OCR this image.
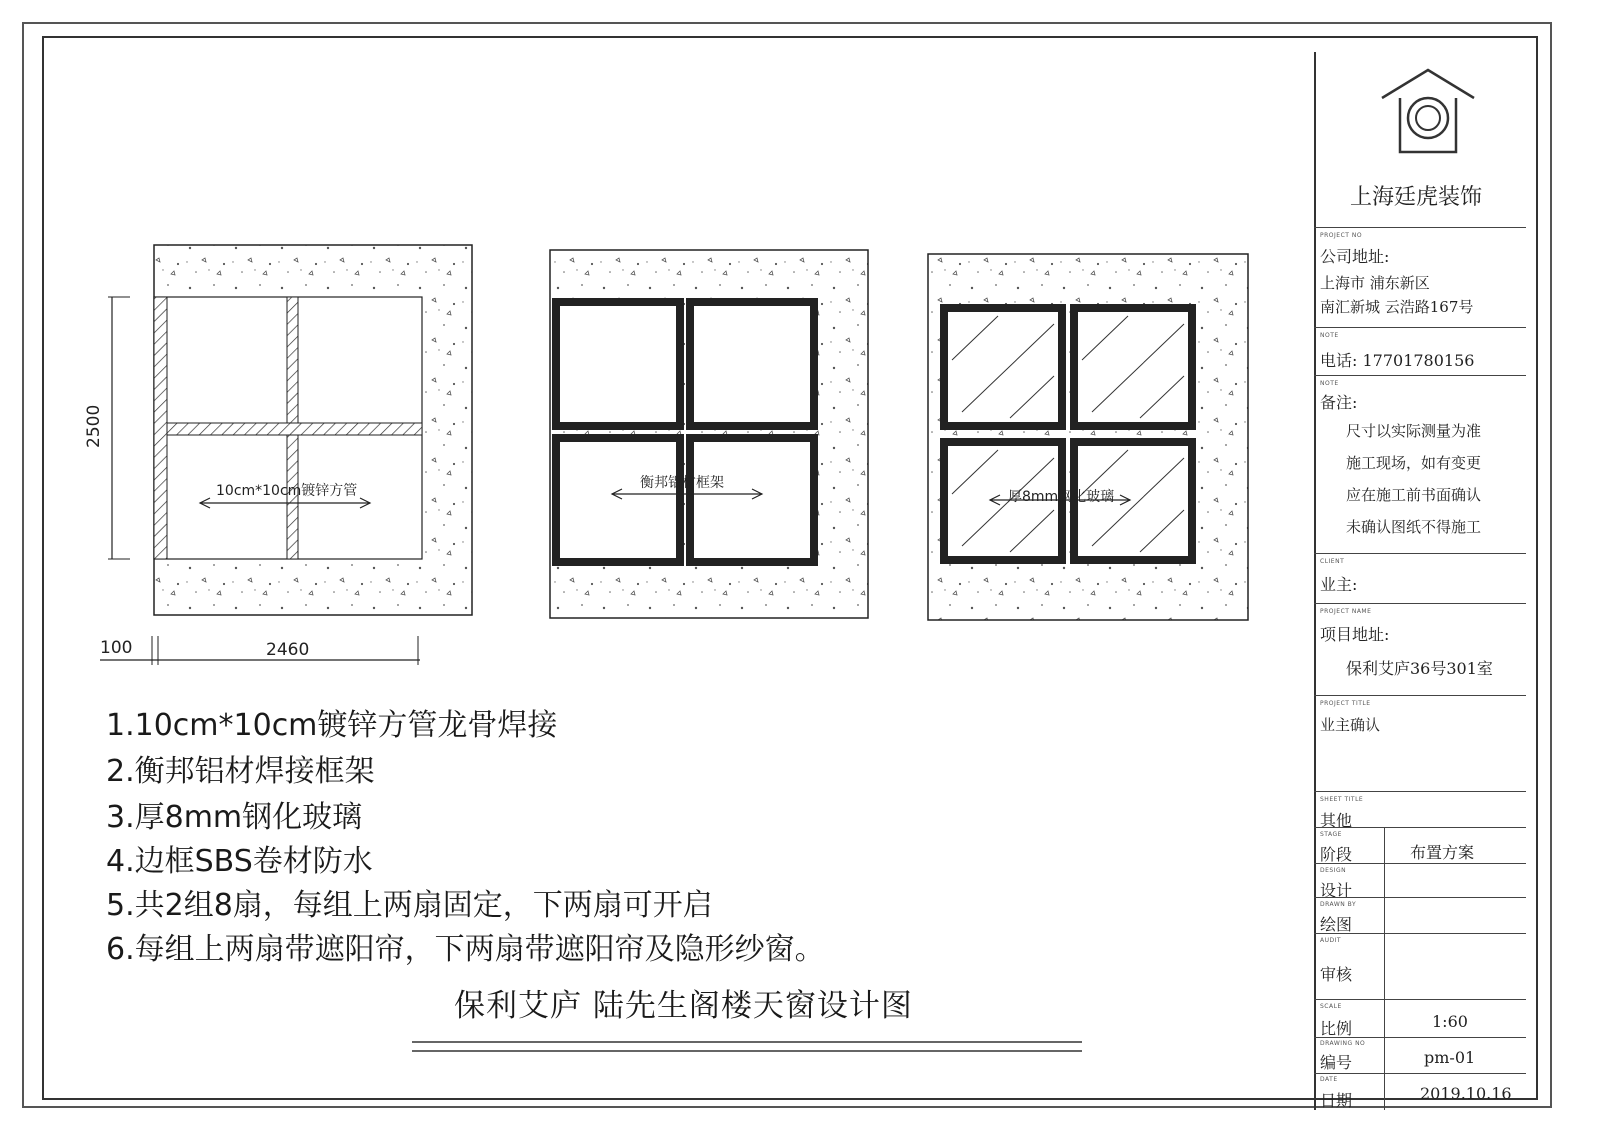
2500
100	2460
10cm*10cm镀锌方管	衡邦铝材框架
厚8mm钢化玻璃
1.10cm*10cm镀锌方管龙骨焊接
2.衡邦铝材焊接框架
3.厚8mm钢化玻璃
4.边框SBS卷材防水
5.共2组8扇，每组上两扇固定，下两扇可开启
6.每组上两扇带遮阳帘，下两扇带遮阳帘及隐形纱窗。
保利艾庐 陆先生阁楼天窗设计图
上海廷虎装饰
PROJECT NO
公司地址:
上海市 浦东新区
南汇新城 云浩路167号
NOTE
电话: 17701780156
NOTE
备注:
尺寸以实际测量为准
施工现场，如有变更
应在施工前书面确认
未确认图纸不得施工
CLIENT
业主:
PROJECT NAME
项目地址:
保利艾庐36号301室
PROJECT TITLE
业主确认
SHEET TITLE
其他
STAGE
阶段	布置方案
DESIGN
设计
DRAWN BY
绘图
AUDIT
审核
SCALE
比例	1:60
DRAWING NO
编号	pm-01
DATE
日期	2019.10.16
